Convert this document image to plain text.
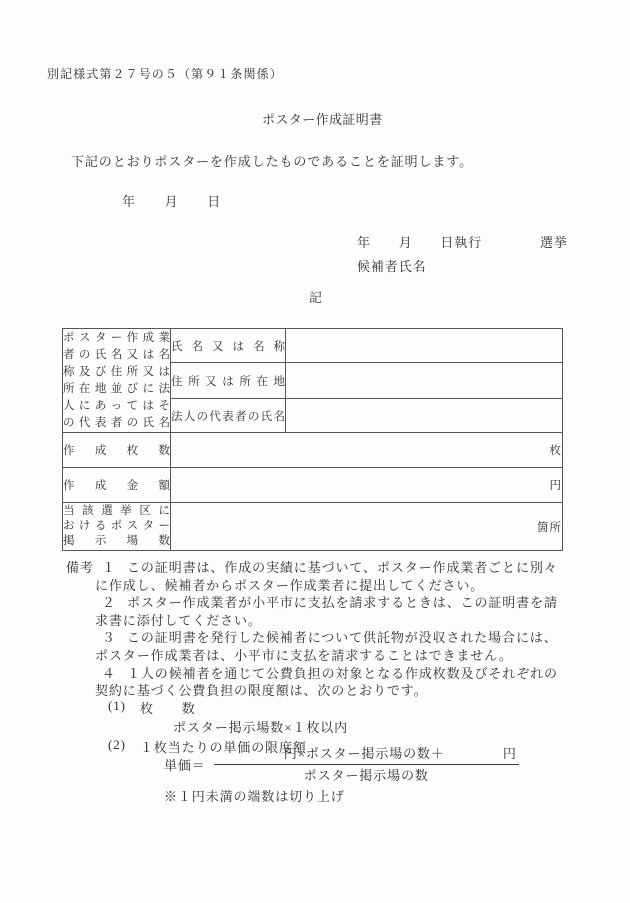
別記様式第２７号の５（第９１条関係）
ポスター作成証明書
下記のとおりポスターを作成したものであることを証明します。
年　　月　　日
年　　月　　日執行	選挙
候補者氏名
記
ポスター作成業
者の氏名又は名
称及び住所又は
所在地並びに法
人にあってはそ
の代表者の氏名

氏名又は名称

	住所又は所在地	

	法人の代表者の氏名	

作成枚数	枚	

作成金額	円	

当該選挙区に
おけるポスター
掲示場数	箇所	
備考 １ この証明書は、作成の実績に基づいて、ポスター作成業者ごとに別々
に作成し、候補者からポスター作成業者に提出してください。
２ ポスター作成業者が小平市に支払を請求するときは、この証明書を請
求書に添付してください。
３ この証明書を発行した候補者について供託物が没収された場合には、
ポスター作成業者は、小平市に支払を請求することはできません。
４ １人の候補者を通じて公費負担の対象となる作成枚数及びそれぞれの
契約に基づく公費負担の限度額は、次のとおりです。
(1) 枚　　数
ポスター掲示場数×１枚以内
(2) １枚当たりの単価の限度額
単価＝ 円×ポスター掲示場の数＋	円
ポスター掲示場の数
※１円未満の端数は切り上げ
